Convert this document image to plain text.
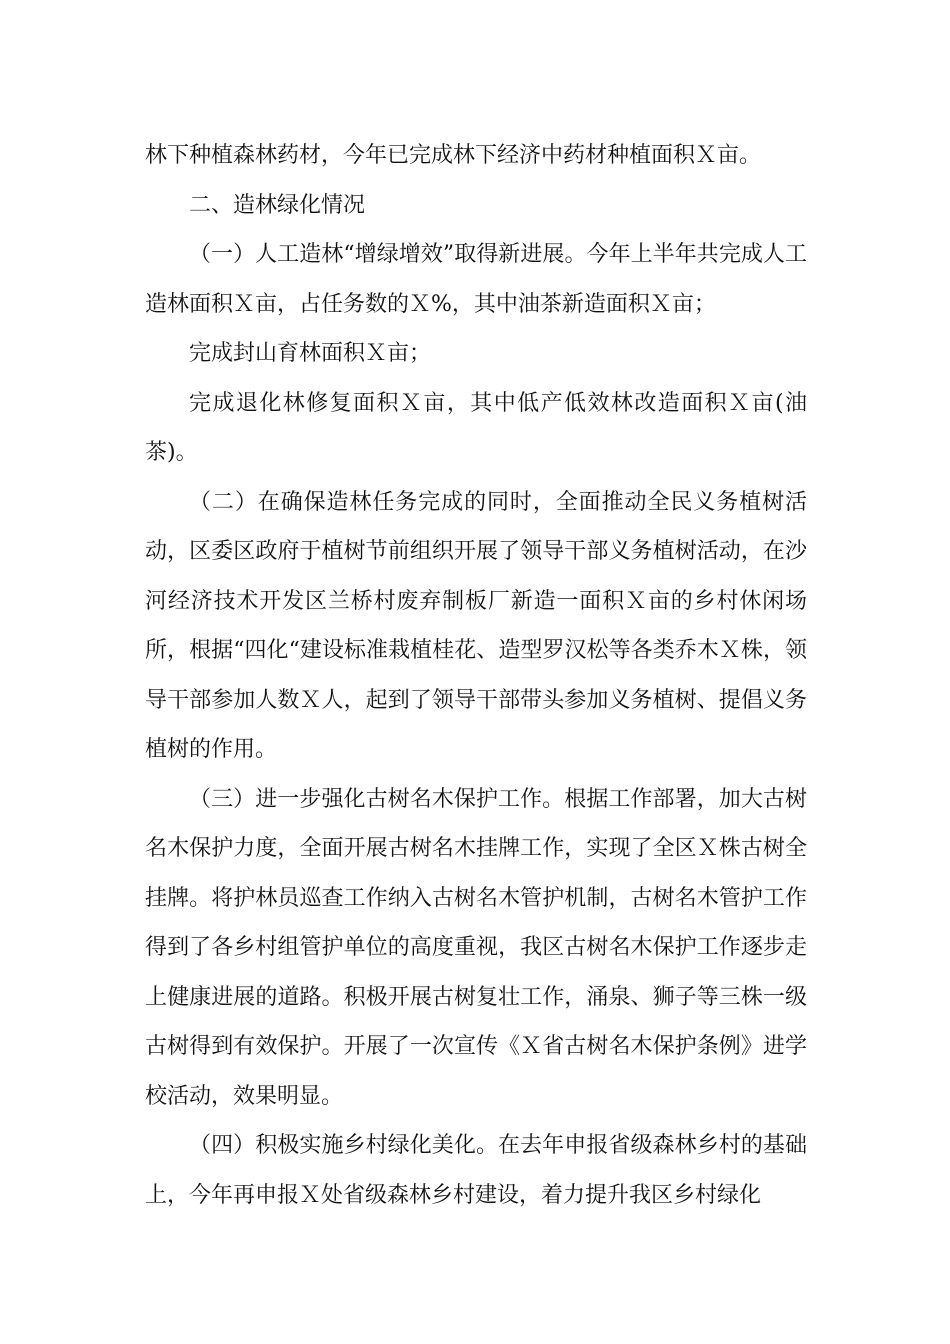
林下种植森林药材，今年已完成林下经济中药材种植面积Ｘ亩。

二、造林绿化情况

（一）人工造林“增绿增效”取得新进展。今年上半年共完成人工造林面积Ｘ亩，占任务数的Ｘ%，其中油茶新造面积Ｘ亩；

完成封山育林面积Ｘ亩；

完成退化林修复面积Ｘ亩，其中低产低效林改造面积Ｘ亩(油茶)。

（二）在确保造林任务完成的同时，全面推动全民义务植树活动，区委区政府于植树节前组织开展了领导干部义务植树活动，在沙河经济技术开发区兰桥村废弃制板厂新造一面积Ｘ亩的乡村休闲场所，根据“四化“建设标准栽植桂花、造型罗汉松等各类乔木Ｘ株，领导干部参加人数Ｘ人，起到了领导干部带头参加义务植树、提倡义务植树的作用。

（三）进一步强化古树名木保护工作。根据工作部署，加大古树名木保护力度，全面开展古树名木挂牌工作，实现了全区Ｘ株古树全挂牌。将护林员巡查工作纳入古树名木管护机制，古树名木管护工作得到了各乡村组管护单位的高度重视，我区古树名木保护工作逐步走上健康进展的道路。积极开展古树复壮工作，涌泉、狮子等三株一级古树得到有效保护。开展了一次宣传《Ｘ省古树名木保护条例》进学校活动，效果明显。

（四）积极实施乡村绿化美化。在去年申报省级森林乡村的基础上，今年再申报Ｘ处省级森林乡村建设，着力提升我区乡村绿化
